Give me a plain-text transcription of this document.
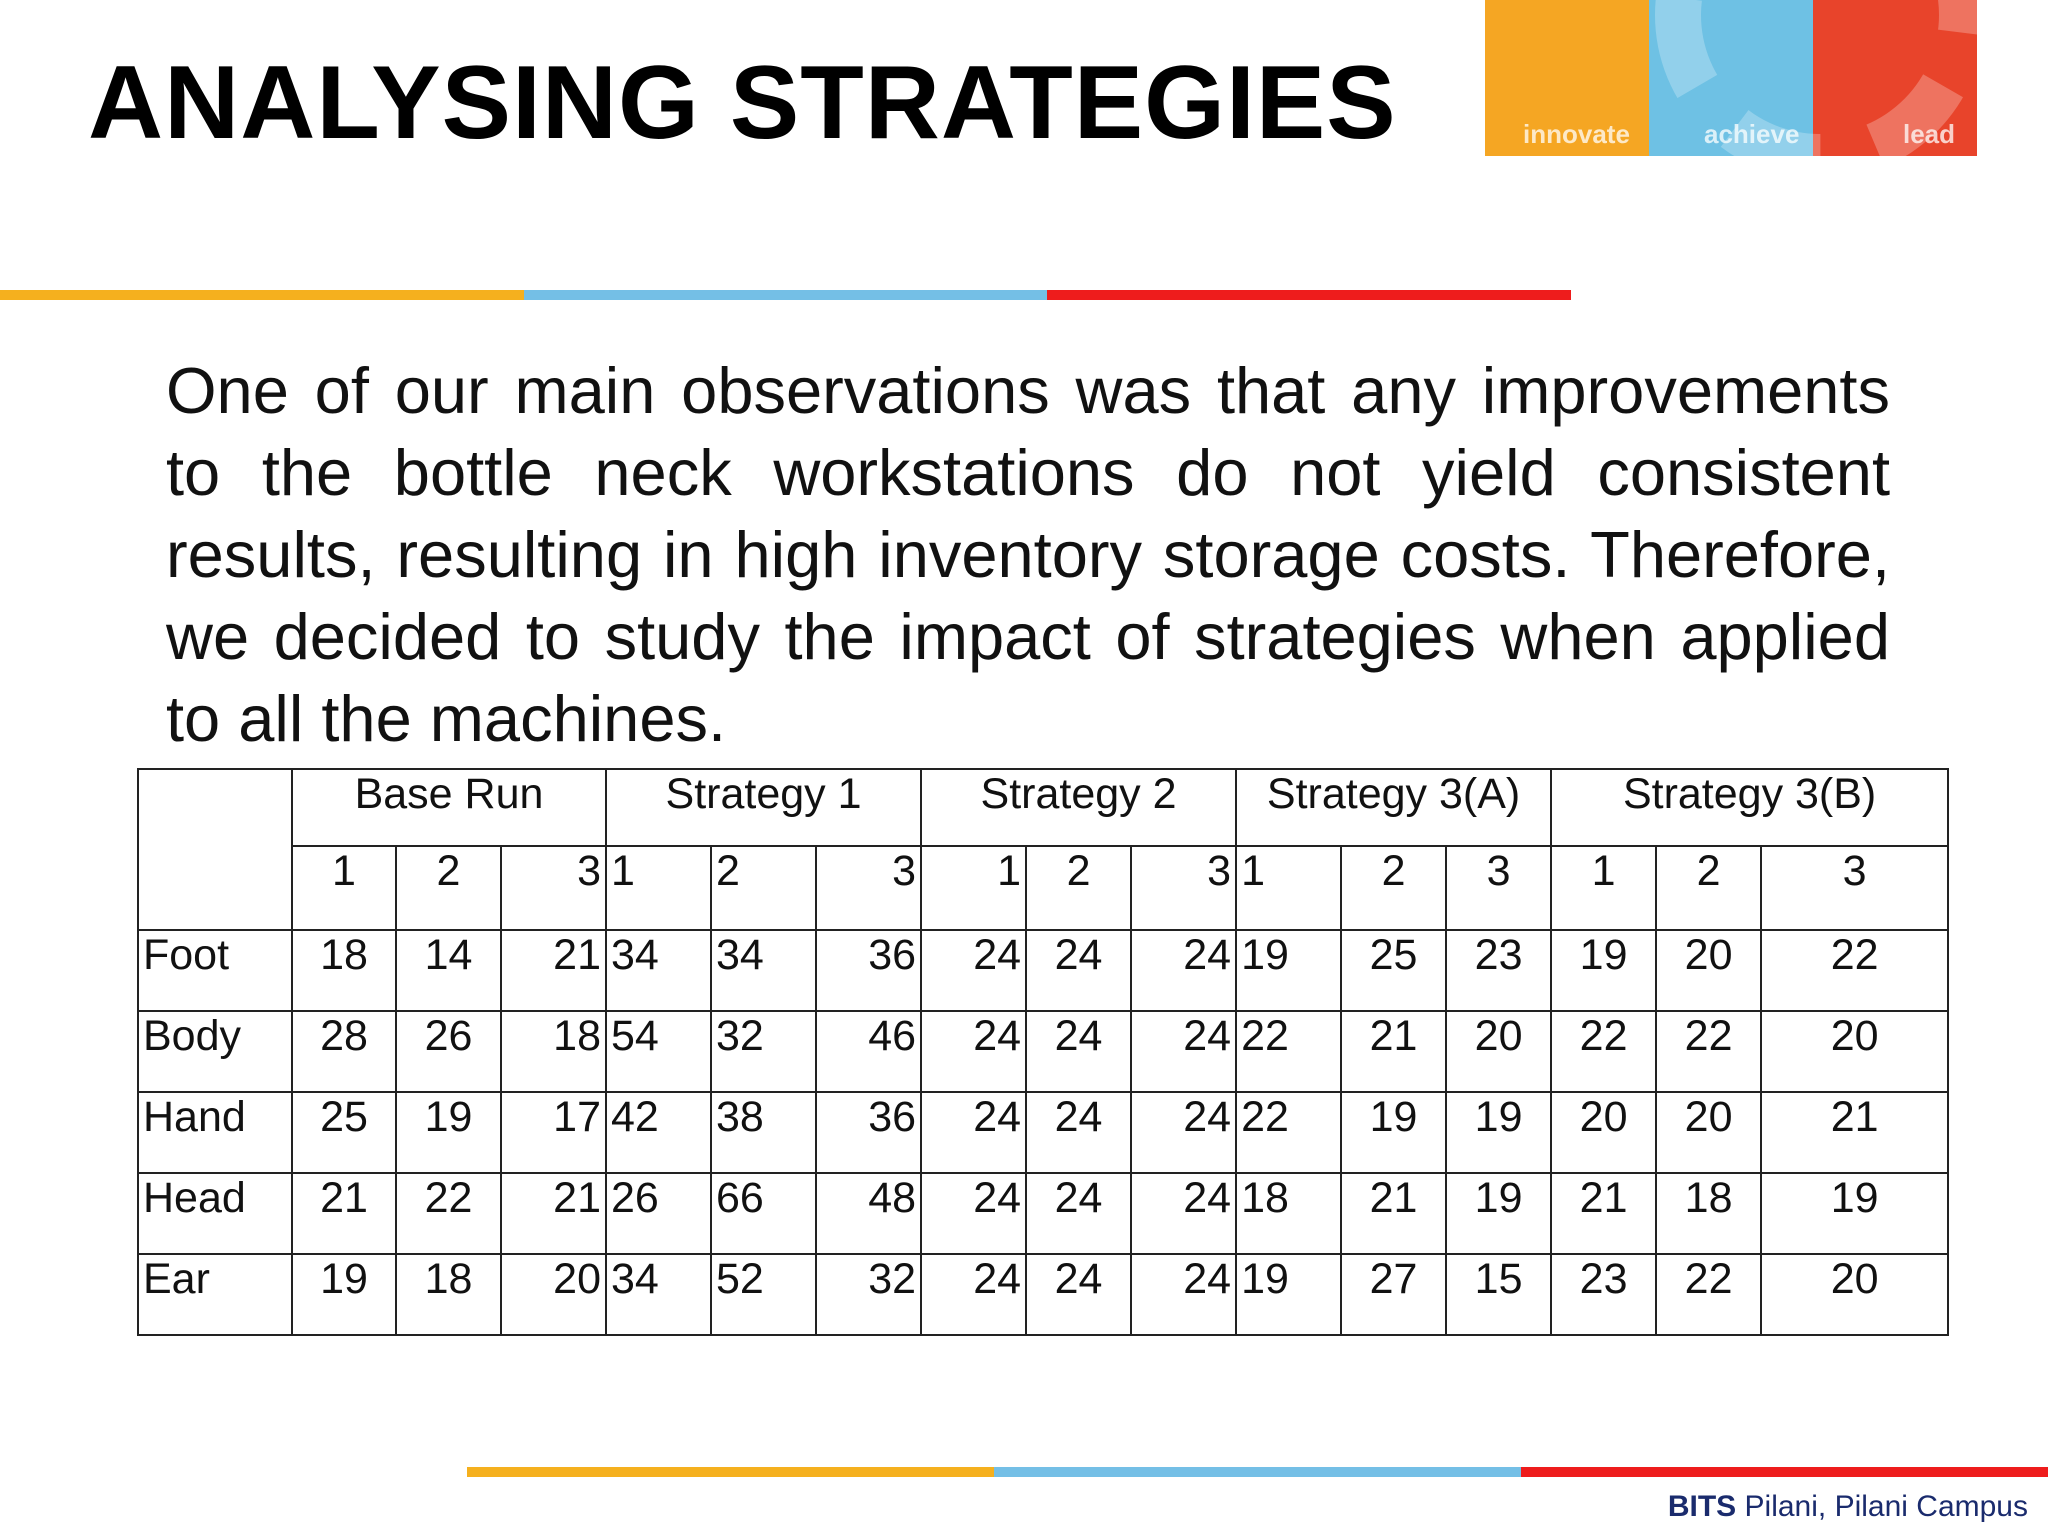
ANALYSING STRATEGIES	innovate	achieve	lead

One of our main observations was that any improvements to the bottle neck workstations do not yield consistent results, resulting in high inventory storage costs. Therefore, we decided to study the impact of strategies when applied to all the machines.

	Base Run			Strategy 1			Strategy 2			Strategy 3(A)			Strategy 3(B)		
	1	2	3	1	2	3	1	2	3	1	2	3	1	2	3
Foot	18	14	21	34	34	36	24	24	24	19	25	23	19	20	22
Body	28	26	18	54	32	46	24	24	24	22	21	20	22	22	20
Hand	25	19	17	42	38	36	24	24	24	22	19	19	20	20	21
Head	21	22	21	26	66	48	24	24	24	18	21	19	21	18	19
Ear	19	18	20	34	52	32	24	24	24	19	27	15	23	22	20
BITS Pilani, Pilani Campus
